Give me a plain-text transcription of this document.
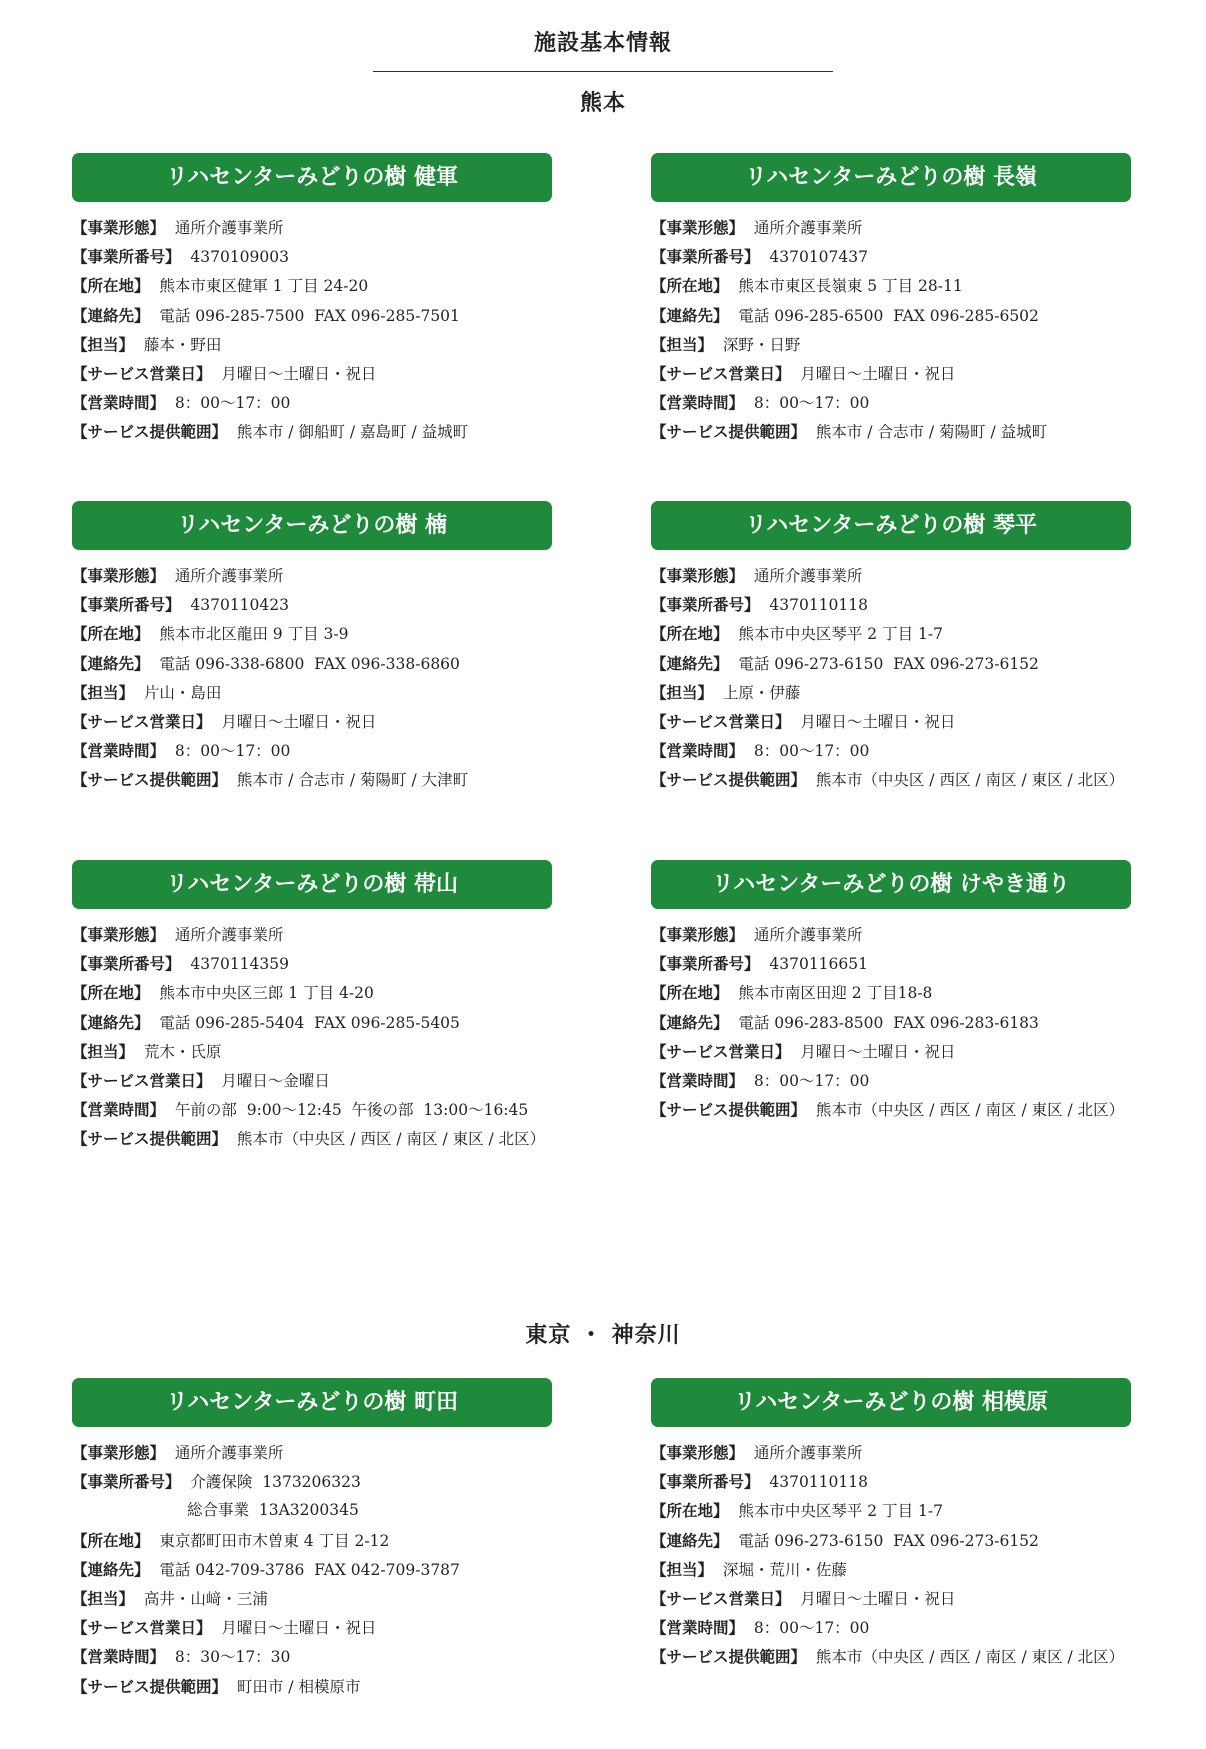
施設基本情報
熊本
東京 ・ 神奈川
リハセンターみどりの樹 健軍
【事業形態】 通所介護事業所
【事業所番号】 4370109003
【所在地】 熊本市東区健軍 1 丁目 24-20
【連絡先】 電話 096-285-7500  FAX 096-285-7501
【担当】 藤本・野田
【サービス営業日】 月曜日～土曜日・祝日
【営業時間】 8：00～17：00
【サービス提供範囲】 熊本市 / 御船町 / 嘉島町 / 益城町
リハセンターみどりの樹 長嶺
【事業形態】 通所介護事業所
【事業所番号】 4370107437
【所在地】 熊本市東区長嶺東 5 丁目 28-11
【連絡先】 電話 096-285-6500  FAX 096-285-6502
【担当】 深野・日野
【サービス営業日】 月曜日～土曜日・祝日
【営業時間】 8：00～17：00
【サービス提供範囲】 熊本市 / 合志市 / 菊陽町 / 益城町
リハセンターみどりの樹 楠
【事業形態】 通所介護事業所
【事業所番号】 4370110423
【所在地】 熊本市北区龍田 9 丁目 3-9
【連絡先】 電話 096-338-6800  FAX 096-338-6860
【担当】 片山・島田
【サービス営業日】 月曜日～土曜日・祝日
【営業時間】 8：00～17：00
【サービス提供範囲】 熊本市 / 合志市 / 菊陽町 / 大津町
リハセンターみどりの樹 琴平
【事業形態】 通所介護事業所
【事業所番号】 4370110118
【所在地】 熊本市中央区琴平 2 丁目 1-7
【連絡先】 電話 096-273-6150  FAX 096-273-6152
【担当】 上原・伊藤
【サービス営業日】 月曜日～土曜日・祝日
【営業時間】 8：00～17：00
【サービス提供範囲】 熊本市（中央区 / 西区 / 南区 / 東区 / 北区）
リハセンターみどりの樹 帯山
【事業形態】 通所介護事業所
【事業所番号】 4370114359
【所在地】 熊本市中央区三郎 1 丁目 4-20
【連絡先】 電話 096-285-5404  FAX 096-285-5405
【担当】 荒木・氏原
【サービス営業日】 月曜日～金曜日
【営業時間】 午前の部  9:00～12:45  午後の部  13:00～16:45
【サービス提供範囲】 熊本市（中央区 / 西区 / 南区 / 東区 / 北区）
リハセンターみどりの樹 けやき通り
【事業形態】 通所介護事業所
【事業所番号】 4370116651
【所在地】 熊本市南区田迎 2 丁目18-8
【連絡先】 電話 096-283-8500  FAX 096-283-6183
【サービス営業日】 月曜日～土曜日・祝日
【営業時間】 8：00～17：00
【サービス提供範囲】 熊本市（中央区 / 西区 / 南区 / 東区 / 北区）
リハセンターみどりの樹 町田
【事業形態】 通所介護事業所
【事業所番号】 介護保険  1373206323
総合事業  13A3200345
【所在地】 東京都町田市木曽東 4 丁目 2-12
【連絡先】 電話 042-709-3786  FAX 042-709-3787
【担当】 高井・山﨑・三浦
【サービス営業日】 月曜日～土曜日・祝日
【営業時間】 8：30～17：30
【サービス提供範囲】 町田市 / 相模原市
リハセンターみどりの樹 相模原
【事業形態】 通所介護事業所
【事業所番号】 4370110118
【所在地】 熊本市中央区琴平 2 丁目 1-7
【連絡先】 電話 096-273-6150  FAX 096-273-6152
【担当】 深堀・荒川・佐藤
【サービス営業日】 月曜日～土曜日・祝日
【営業時間】 8：00～17：00
【サービス提供範囲】 熊本市（中央区 / 西区 / 南区 / 東区 / 北区）
